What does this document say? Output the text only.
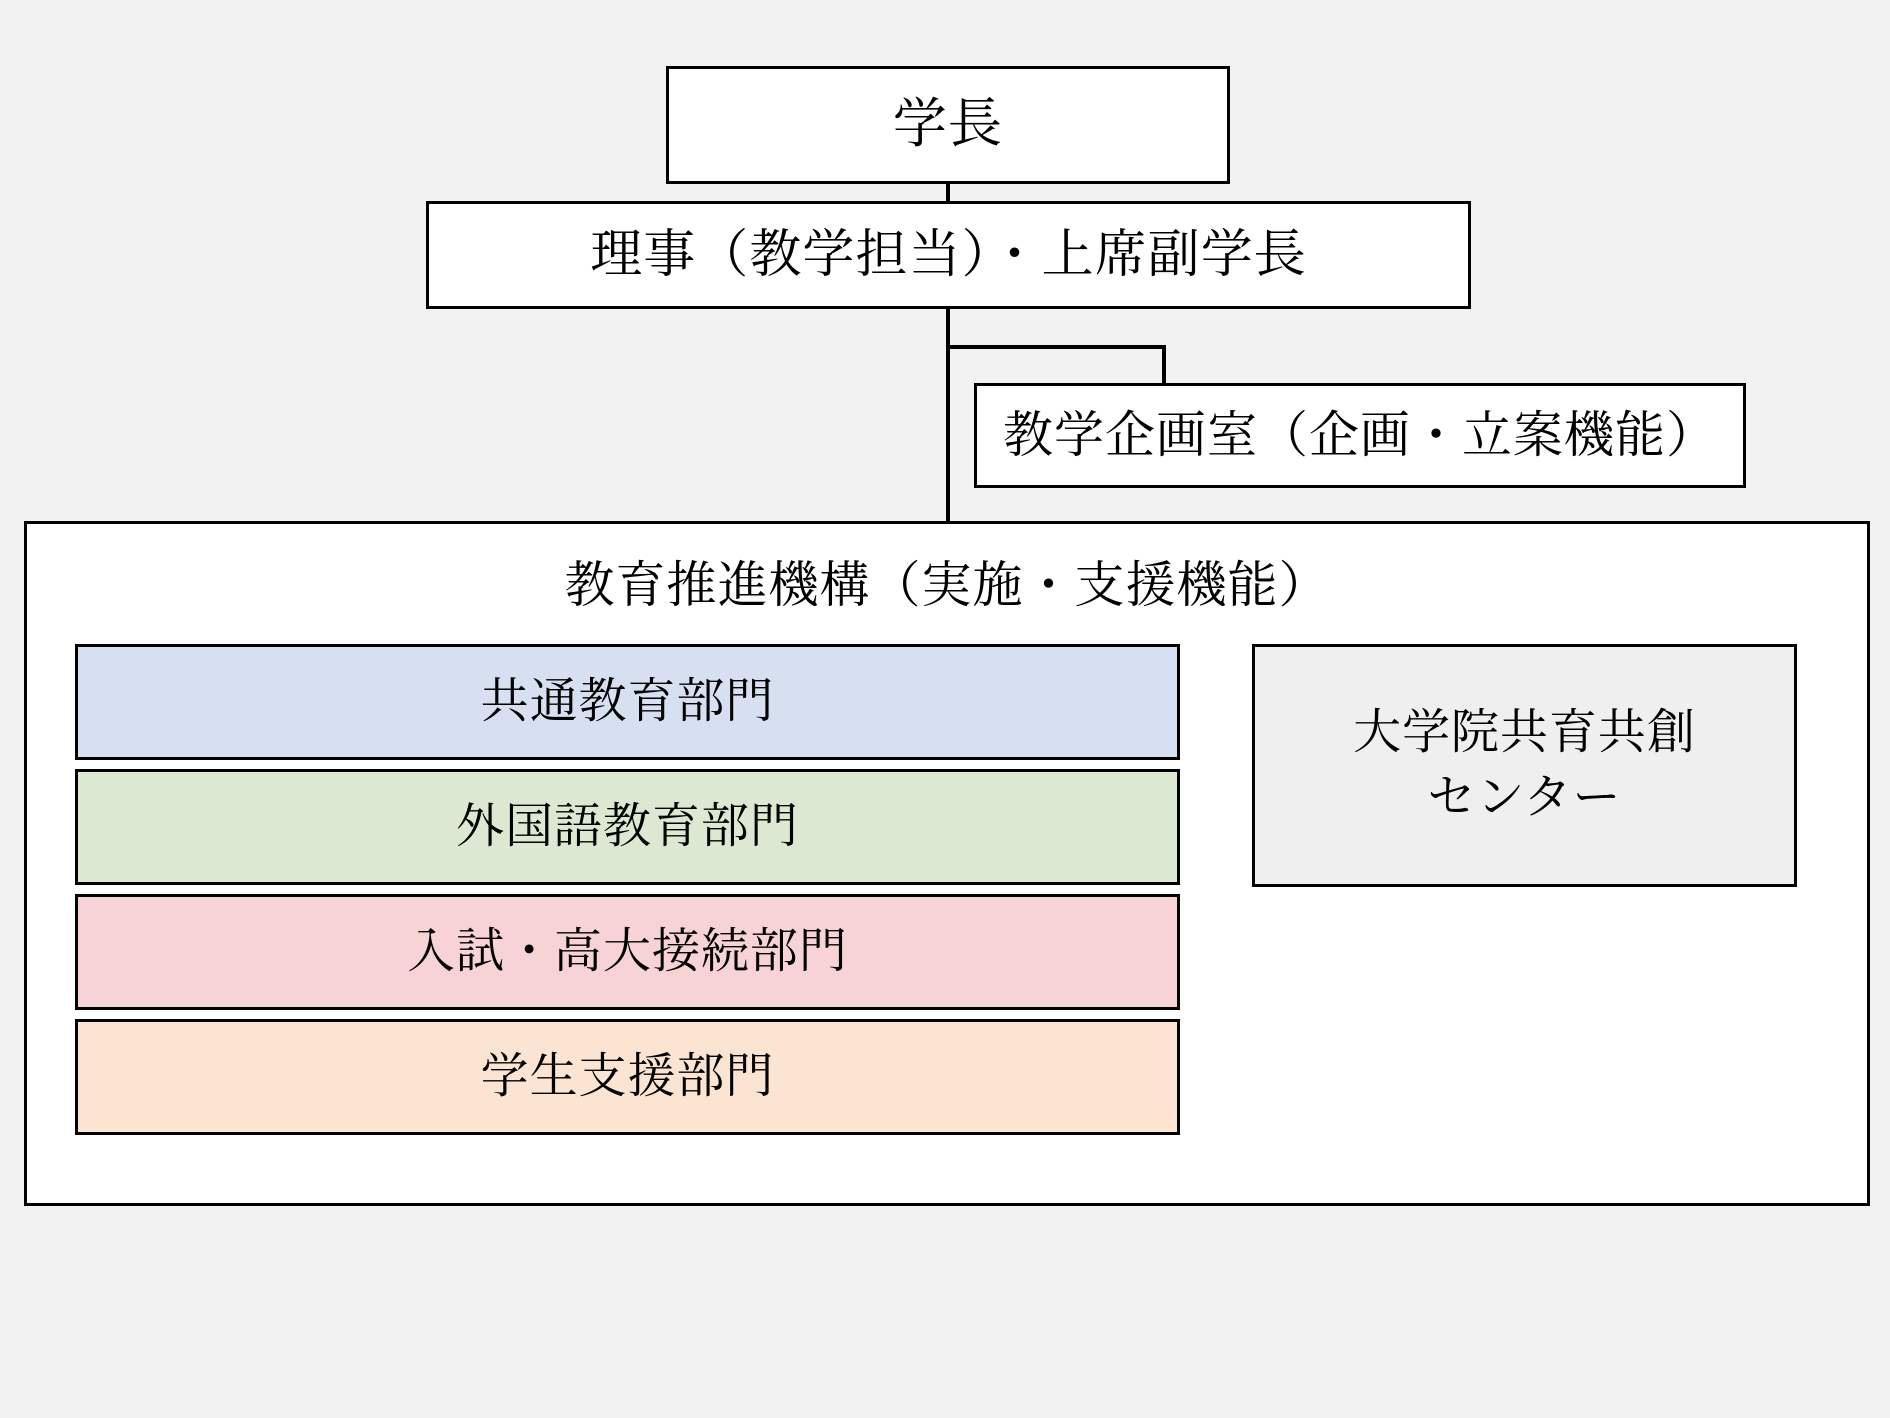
学長
理事（教学担当）・上席副学長
教学企画室（企画・立案機能）
教育推進機構（実施・支援機能）
共通教育部門
外国語教育部門
入試・高大接続部門
学生支援部門
大学院共育共創
センター
